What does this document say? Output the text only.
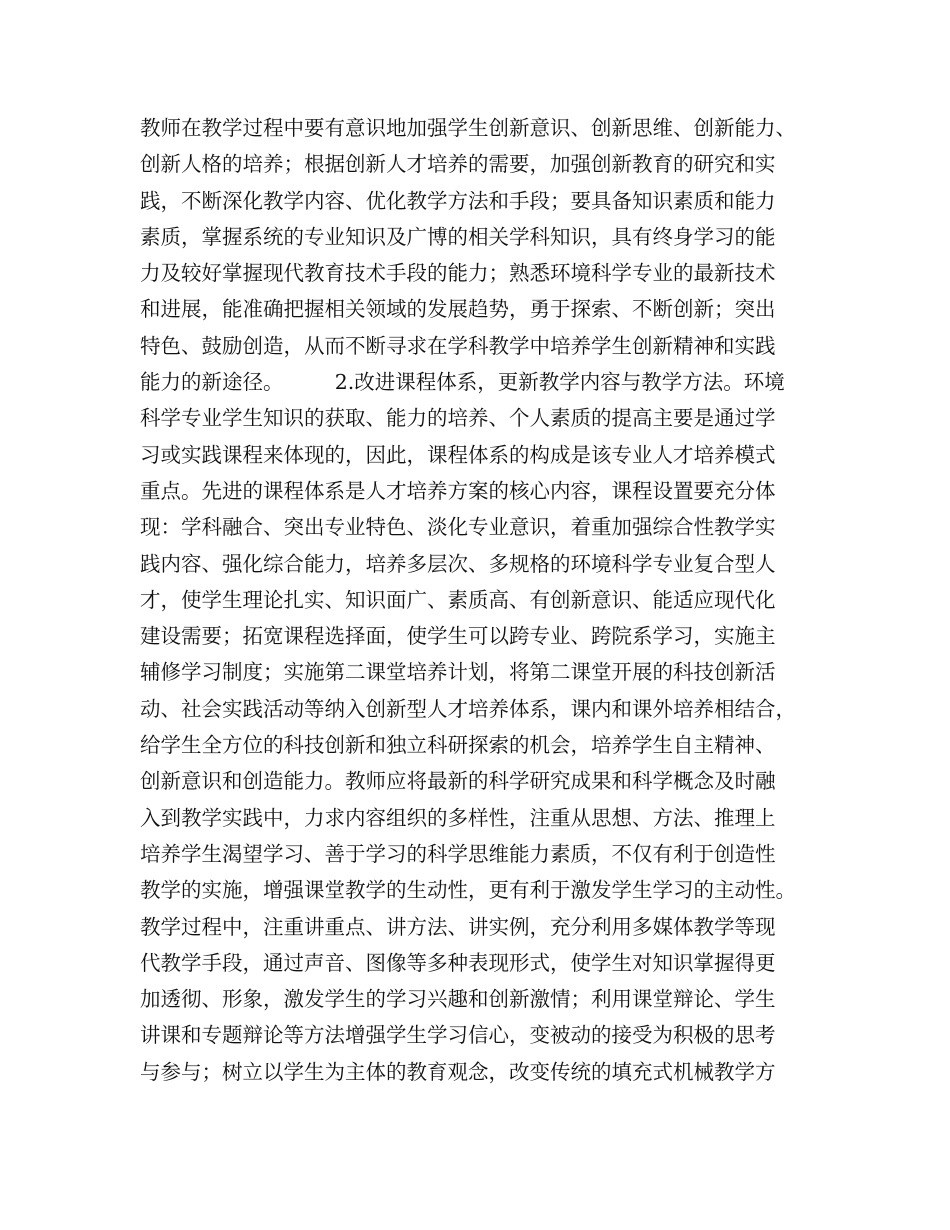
教师在教学过程中要有意识地加强学生创新意识、创新思维、创新能力、
创新人格的培养；根据创新人才培养的需要，加强创新教育的研究和实
践，不断深化教学内容、优化教学方法和手段；要具备知识素质和能力
素质，掌握系统的专业知识及广博的相关学科知识，具有终身学习的能
力及较好掌握现代教育技术手段的能力；熟悉环境科学专业的最新技术
和进展，能准确把握相关领域的发展趋势，勇于探索、不断创新；突出
特色、鼓励创造，从而不断寻求在学科教学中培养学生创新精神和实践
能力的新途径。　　　2.改进课程体系，更新教学内容与教学方法。环境
科学专业学生知识的获取、能力的培养、个人素质的提高主要是通过学
习或实践课程来体现的，因此，课程体系的构成是该专业人才培养模式
重点。先进的课程体系是人才培养方案的核心内容，课程设置要充分体
现：学科融合、突出专业特色、淡化专业意识，着重加强综合性教学实
践内容、强化综合能力，培养多层次、多规格的环境科学专业复合型人
才，使学生理论扎实、知识面广、素质高、有创新意识、能适应现代化
建设需要；拓宽课程选择面，使学生可以跨专业、跨院系学习，实施主
辅修学习制度；实施第二课堂培养计划，将第二课堂开展的科技创新活
动、社会实践活动等纳入创新型人才培养体系，课内和课外培养相结合，
给学生全方位的科技创新和独立科研探索的机会，培养学生自主精神、
创新意识和创造能力。教师应将最新的科学研究成果和科学概念及时融
入到教学实践中，力求内容组织的多样性，注重从思想、方法、推理上
培养学生渴望学习、善于学习的科学思维能力素质，不仅有利于创造性
教学的实施，增强课堂教学的生动性，更有利于激发学生学习的主动性。
教学过程中，注重讲重点、讲方法、讲实例，充分利用多媒体教学等现
代教学手段，通过声音、图像等多种表现形式，使学生对知识掌握得更
加透彻、形象，激发学生的学习兴趣和创新激情；利用课堂辩论、学生
讲课和专题辩论等方法增强学生学习信心，变被动的接受为积极的思考
与参与；树立以学生为主体的教育观念，改变传统的填充式机械教学方
